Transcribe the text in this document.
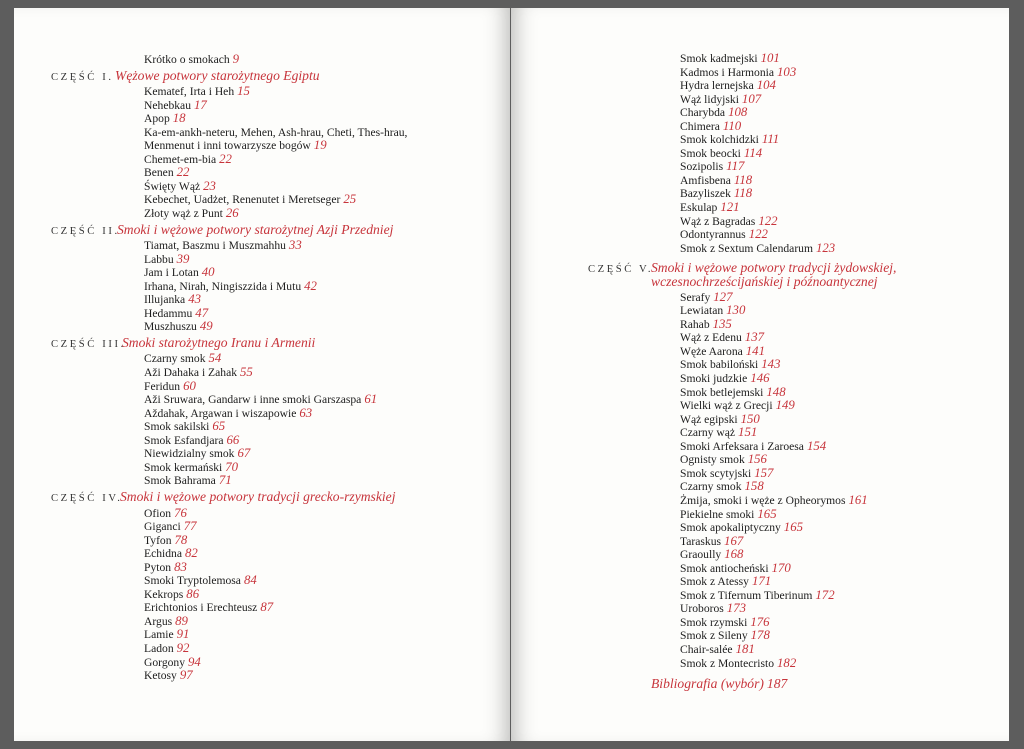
Krótko o smokach 9
CZĘŚĆ I. Wężowe potwory starożytnego Egiptu
Kematef, Irta i Heh 15
Nehebkau 17
Apop 18
Ka-em-ankh-neteru, Mehen, Ash-hrau, Cheti, Thes-hrau,
Menmenut i inni towarzysze bogów 19
Chemet-em-bia 22
Benen 22
Święty Wąż 23
Kebechet, Uadżet, Renenutet i Meretseger 25
Złoty wąż z Punt 26
CZĘŚĆ II.
Smoki i wężowe potwory starożytnej Azji Przedniej
Tiamat, Baszmu i Muszmahhu 33
Labbu 39
Jam i Lotan 40
Irhana, Nirah, Ningiszzida i Mutu 42
Illujanka 43
Hedammu 47
Muszhuszu 49
CZĘŚĆ III.
Smoki starożytnego Iranu i Armenii
Czarny smok 54
Aži Dahaka i Zahak 55
Feridun 60
Aži Sruwara, Gandarw i inne smoki Garszaspa 61
Aždahak, Argawan i wiszapowie 63
Smok sakilski 65
Smok Esfandjara 66
Niewidzialny smok 67
Smok kermański 70
Smok Bahrama 71
CZĘŚĆ IV.
Smoki i wężowe potwory tradycji grecko-rzymskiej
Ofion 76
Giganci 77
Tyfon 78
Echidna 82
Pyton 83
Smoki Tryptolemosa 84
Kekrops 86
Erichtonios i Erechteusz 87
Argus 89
Lamie 91
Ladon 92
Gorgony 94
Ketosy 97
Smok kadmejski 101
Kadmos i Harmonia 103
Hydra lernejska 104
Wąż lidyjski 107
Charybda 108
Chimera 110
Smok kolchidzki 111
Smok beocki 114
Sozipolis 117
Amfisbena 118
Bazyliszek 118
Eskulap 121
Wąż z Bagradas 122
Odontyrannus 122
Smok z Sextum Calendarum 123
CZĘŚĆ V.
Smoki i wężowe potwory tradycji żydowskiej,
wczesnochrześcijańskiej i późnoantycznej
Serafy 127
Lewiatan 130
Rahab 135
Wąż z Edenu 137
Węże Aarona 141
Smok babiloński 143
Smoki judzkie 146
Smok betlejemski 148
Wielki wąż z Grecji 149
Wąż egipski 150
Czarny wąż 151
Smoki Arfeksara i Zaroesa 154
Ognisty smok 156
Smok scytyjski 157
Czarny smok 158
Żmija, smoki i węże z Opheorymos 161
Piekielne smoki 165
Smok apokaliptyczny 165
Taraskus 167
Graoully 168
Smok antiocheński 170
Smok z Atessy 171
Smok z Tifernum Tiberinum 172
Uroboros 173
Smok rzymski 176
Smok z Sileny 178
Chair-salée 181
Smok z Montecristo 182
Bibliografia (wybór) 187
